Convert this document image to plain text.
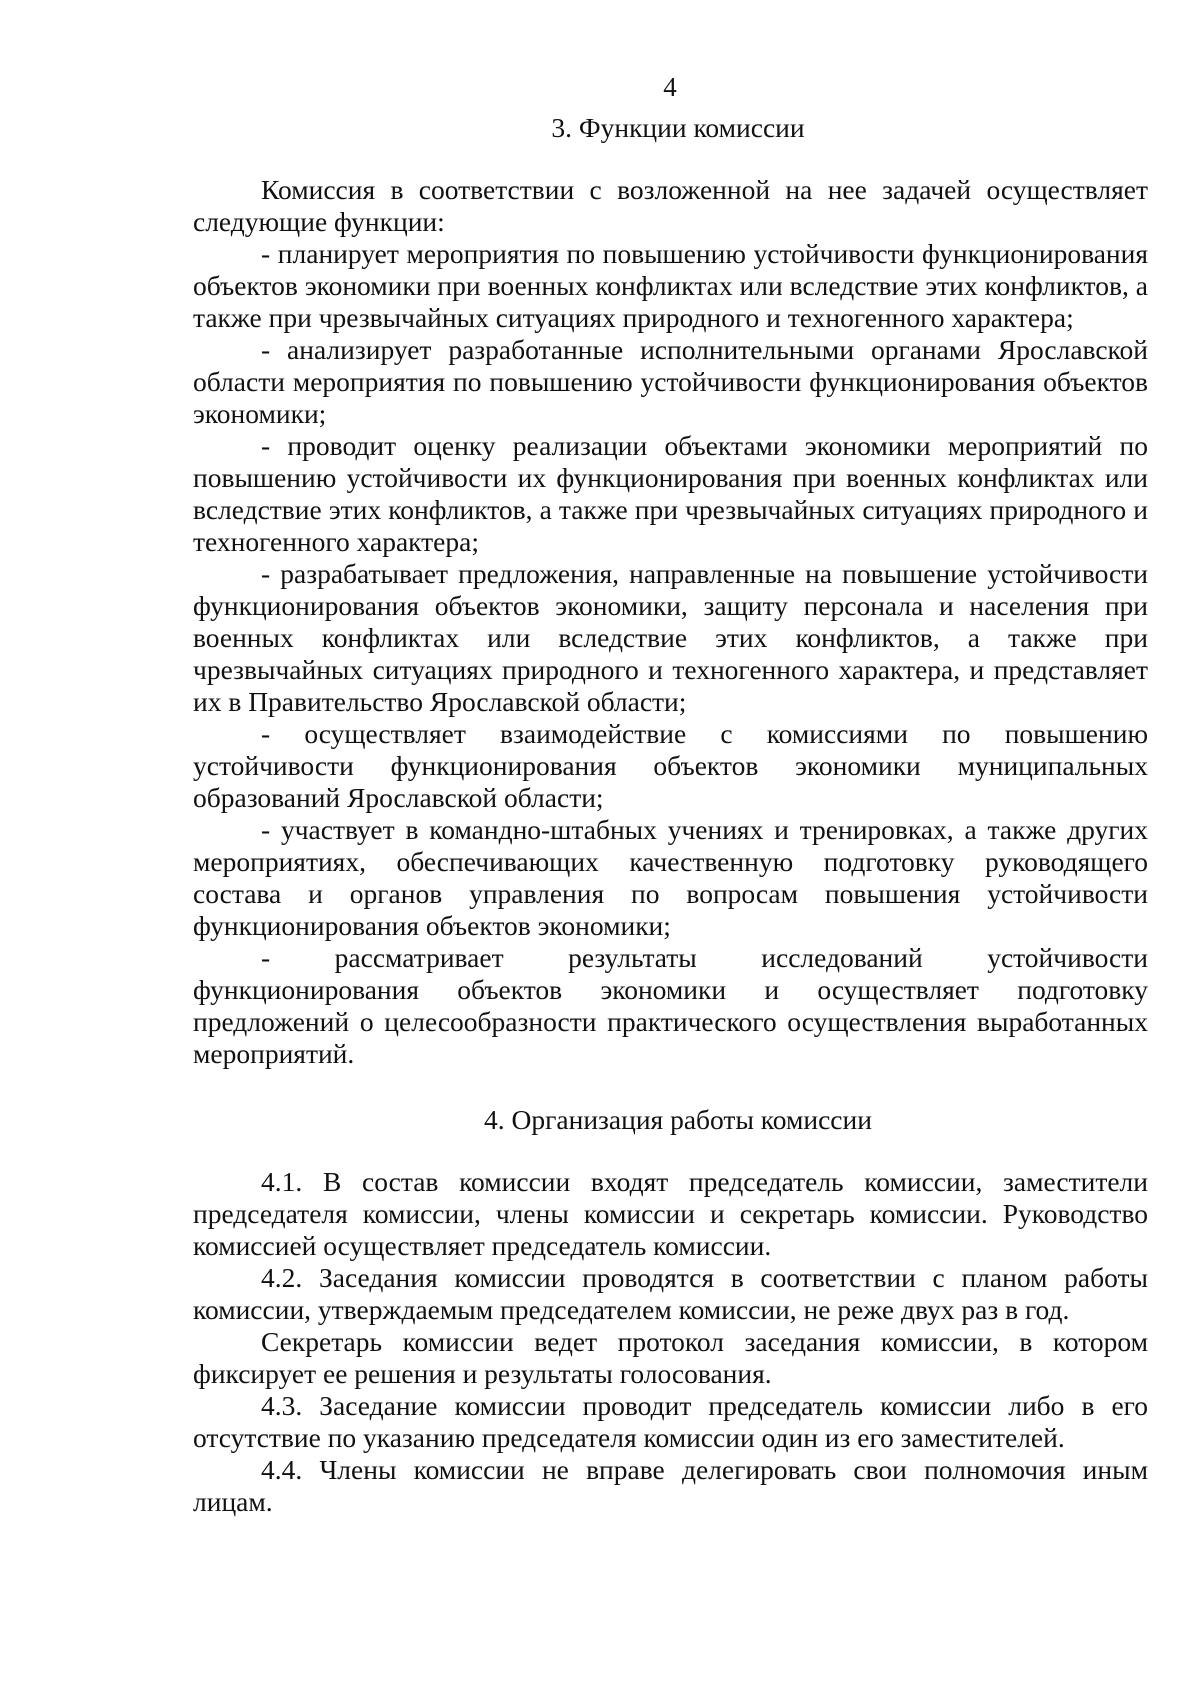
4
3. Функции комиссии

Комиссия в соответствии с возложенной на нее задачей осуществляет следующие функции:

- планирует мероприятия по повышению устойчивости функционирования объектов экономики при военных конфликтах или вследствие этих конфликтов, а также при чрезвычайных ситуациях природного и техногенного характера;

- анализирует разработанные исполнительными органами Ярославской области мероприятия по повышению устойчивости функционирования объектов экономики;

- проводит оценку реализации объектами экономики мероприятий по повышению устойчивости их функционирования при военных конфликтах или вследствие этих конфликтов, а также при чрезвычайных ситуациях природного и техногенного характера;

- разрабатывает предложения, направленные на повышение устойчивости функционирования объектов экономики, защиту персонала и населения при военных конфликтах или вследствие этих конфликтов, а также при чрезвычайных ситуациях природного и техногенного характера, и представляет их в Правительство Ярославской области;

- осуществляет взаимодействие с комиссиями по повышению устойчивости функционирования объектов экономики муниципальных образований Ярославской области;

- участвует в командно-штабных учениях и тренировках, а также других мероприятиях, обеспечивающих качественную подготовку руководящего состава и органов управления по вопросам повышения устойчивости функционирования объектов экономики;

- рассматривает результаты исследований устойчивости функционирования объектов экономики и осуществляет подготовку предложений о целесообразности практического осуществления выработанных мероприятий.

4. Организация работы комиссии

4.1. В состав комиссии входят председатель комиссии, заместители председателя комиссии, члены комиссии и секретарь комиссии. Руководство комиссией осуществляет председатель комиссии.

4.2. Заседания комиссии проводятся в соответствии с планом работы комиссии, утверждаемым председателем комиссии, не реже двух раз в год.

Секретарь комиссии ведет протокол заседания комиссии, в котором фиксирует ее решения и результаты голосования.

4.3. Заседание комиссии проводит председатель комиссии либо в его отсутствие по указанию председателя комиссии один из его заместителей.

4.4. Члены комиссии не вправе делегировать свои полномочия иным лицам.
